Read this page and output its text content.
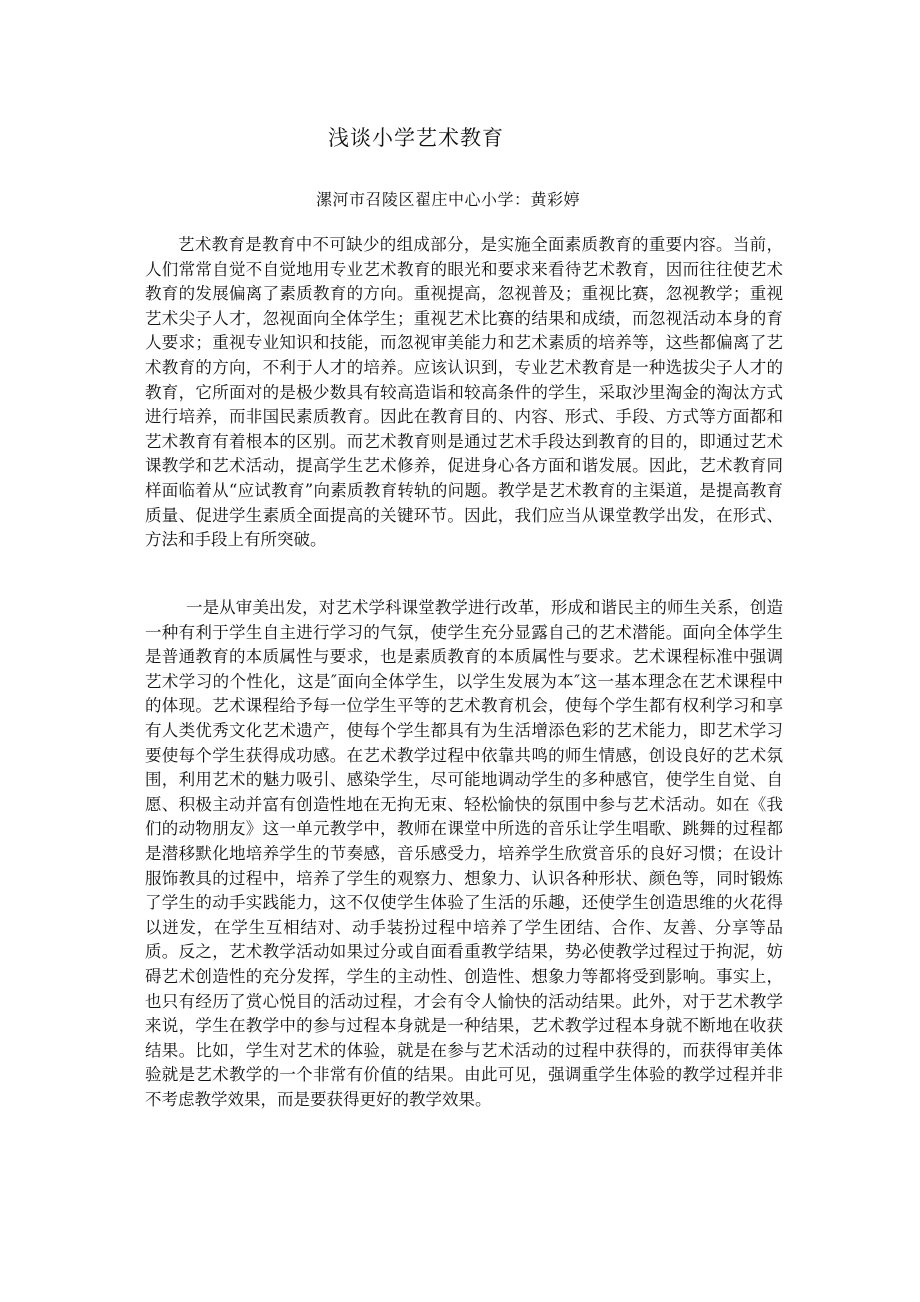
浅谈小学艺术教育
漯河市召陵区翟庄中心小学：黄彩婷

艺术教育是教育中不可缺少的组成部分，是实施全面素质教育的重要内容。当前，人们常常自觉不自觉地用专业艺术教育的眼光和要求来看待艺术教育，因而往往使艺术教育的发展偏离了素质教育的方向。重视提高，忽视普及；重视比赛，忽视教学；重视艺术尖子人才，忽视面向全体学生；重视艺术比赛的结果和成绩，而忽视活动本身的育人要求；重视专业知识和技能，而忽视审美能力和艺术素质的培养等，这些都偏离了艺术教育的方向，不利于人才的培养。应该认识到，专业艺术教育是一种选拔尖子人才的教育，它所面对的是极少数具有较高造诣和较高条件的学生，采取沙里淘金的淘汰方式进行培养，而非国民素质教育。因此在教育目的、内容、形式、手段、方式等方面都和艺术教育有着根本的区别。而艺术教育则是通过艺术手段达到教育的目的，即通过艺术课教学和艺术活动，提高学生艺术修养，促进身心各方面和谐发展。因此，艺术教育同样面临着从“应试教育”向素质教育转轨的问题。教学是艺术教育的主渠道，是提高教育质量、促进学生素质全面提高的关键环节。因此，我们应当从课堂教学出发，在形式、方法和手段上有所突破。

一是从审美出发，对艺术学科课堂教学进行改革，形成和谐民主的师生关系，创造一种有利于学生自主进行学习的气氛，使学生充分显露自己的艺术潜能。面向全体学生是普通教育的本质属性与要求，也是素质教育的本质属性与要求。艺术课程标准中强调艺术学习的个性化，这是″面向全体学生，以学生发展为本″这一基本理念在艺术课程中的体现。艺术课程给予每一位学生平等的艺术教育机会，使每个学生都有权利学习和享有人类优秀文化艺术遗产，使每个学生都具有为生活增添色彩的艺术能力，即艺术学习要使每个学生获得成功感。在艺术教学过程中依靠共鸣的师生情感，创设良好的艺术氛围，利用艺术的魅力吸引、感染学生，尽可能地调动学生的多种感官，使学生自觉、自愿、积极主动并富有创造性地在无拘无束、轻松愉快的氛围中参与艺术活动。如在《我们的动物朋友》这一单元教学中，教师在课堂中所选的音乐让学生唱歌、跳舞的过程都是潜移默化地培养学生的节奏感，音乐感受力，培养学生欣赏音乐的良好习惯；在设计服饰教具的过程中，培养了学生的观察力、想象力、认识各种形状、颜色等，同时锻炼了学生的动手实践能力，这不仅使学生体验了生活的乐趣，还使学生创造思维的火花得以迸发，在学生互相结对、动手装扮过程中培养了学生团结、合作、友善、分享等品质。反之，艺术教学活动如果过分或自面看重教学结果，势必使教学过程过于拘泥，妨碍艺术创造性的充分发挥，学生的主动性、创造性、想象力等都将受到影响。事实上，也只有经历了赏心悦目的活动过程，才会有令人愉快的活动结果。此外，对于艺术教学来说，学生在教学中的参与过程本身就是一种结果，艺术教学过程本身就不断地在收获结果。比如，学生对艺术的体验，就是在参与艺术活动的过程中获得的，而获得审美体验就是艺术教学的一个非常有价值的结果。由此可见，强调重学生体验的教学过程并非不考虑教学效果，而是要获得更好的教学效果。
